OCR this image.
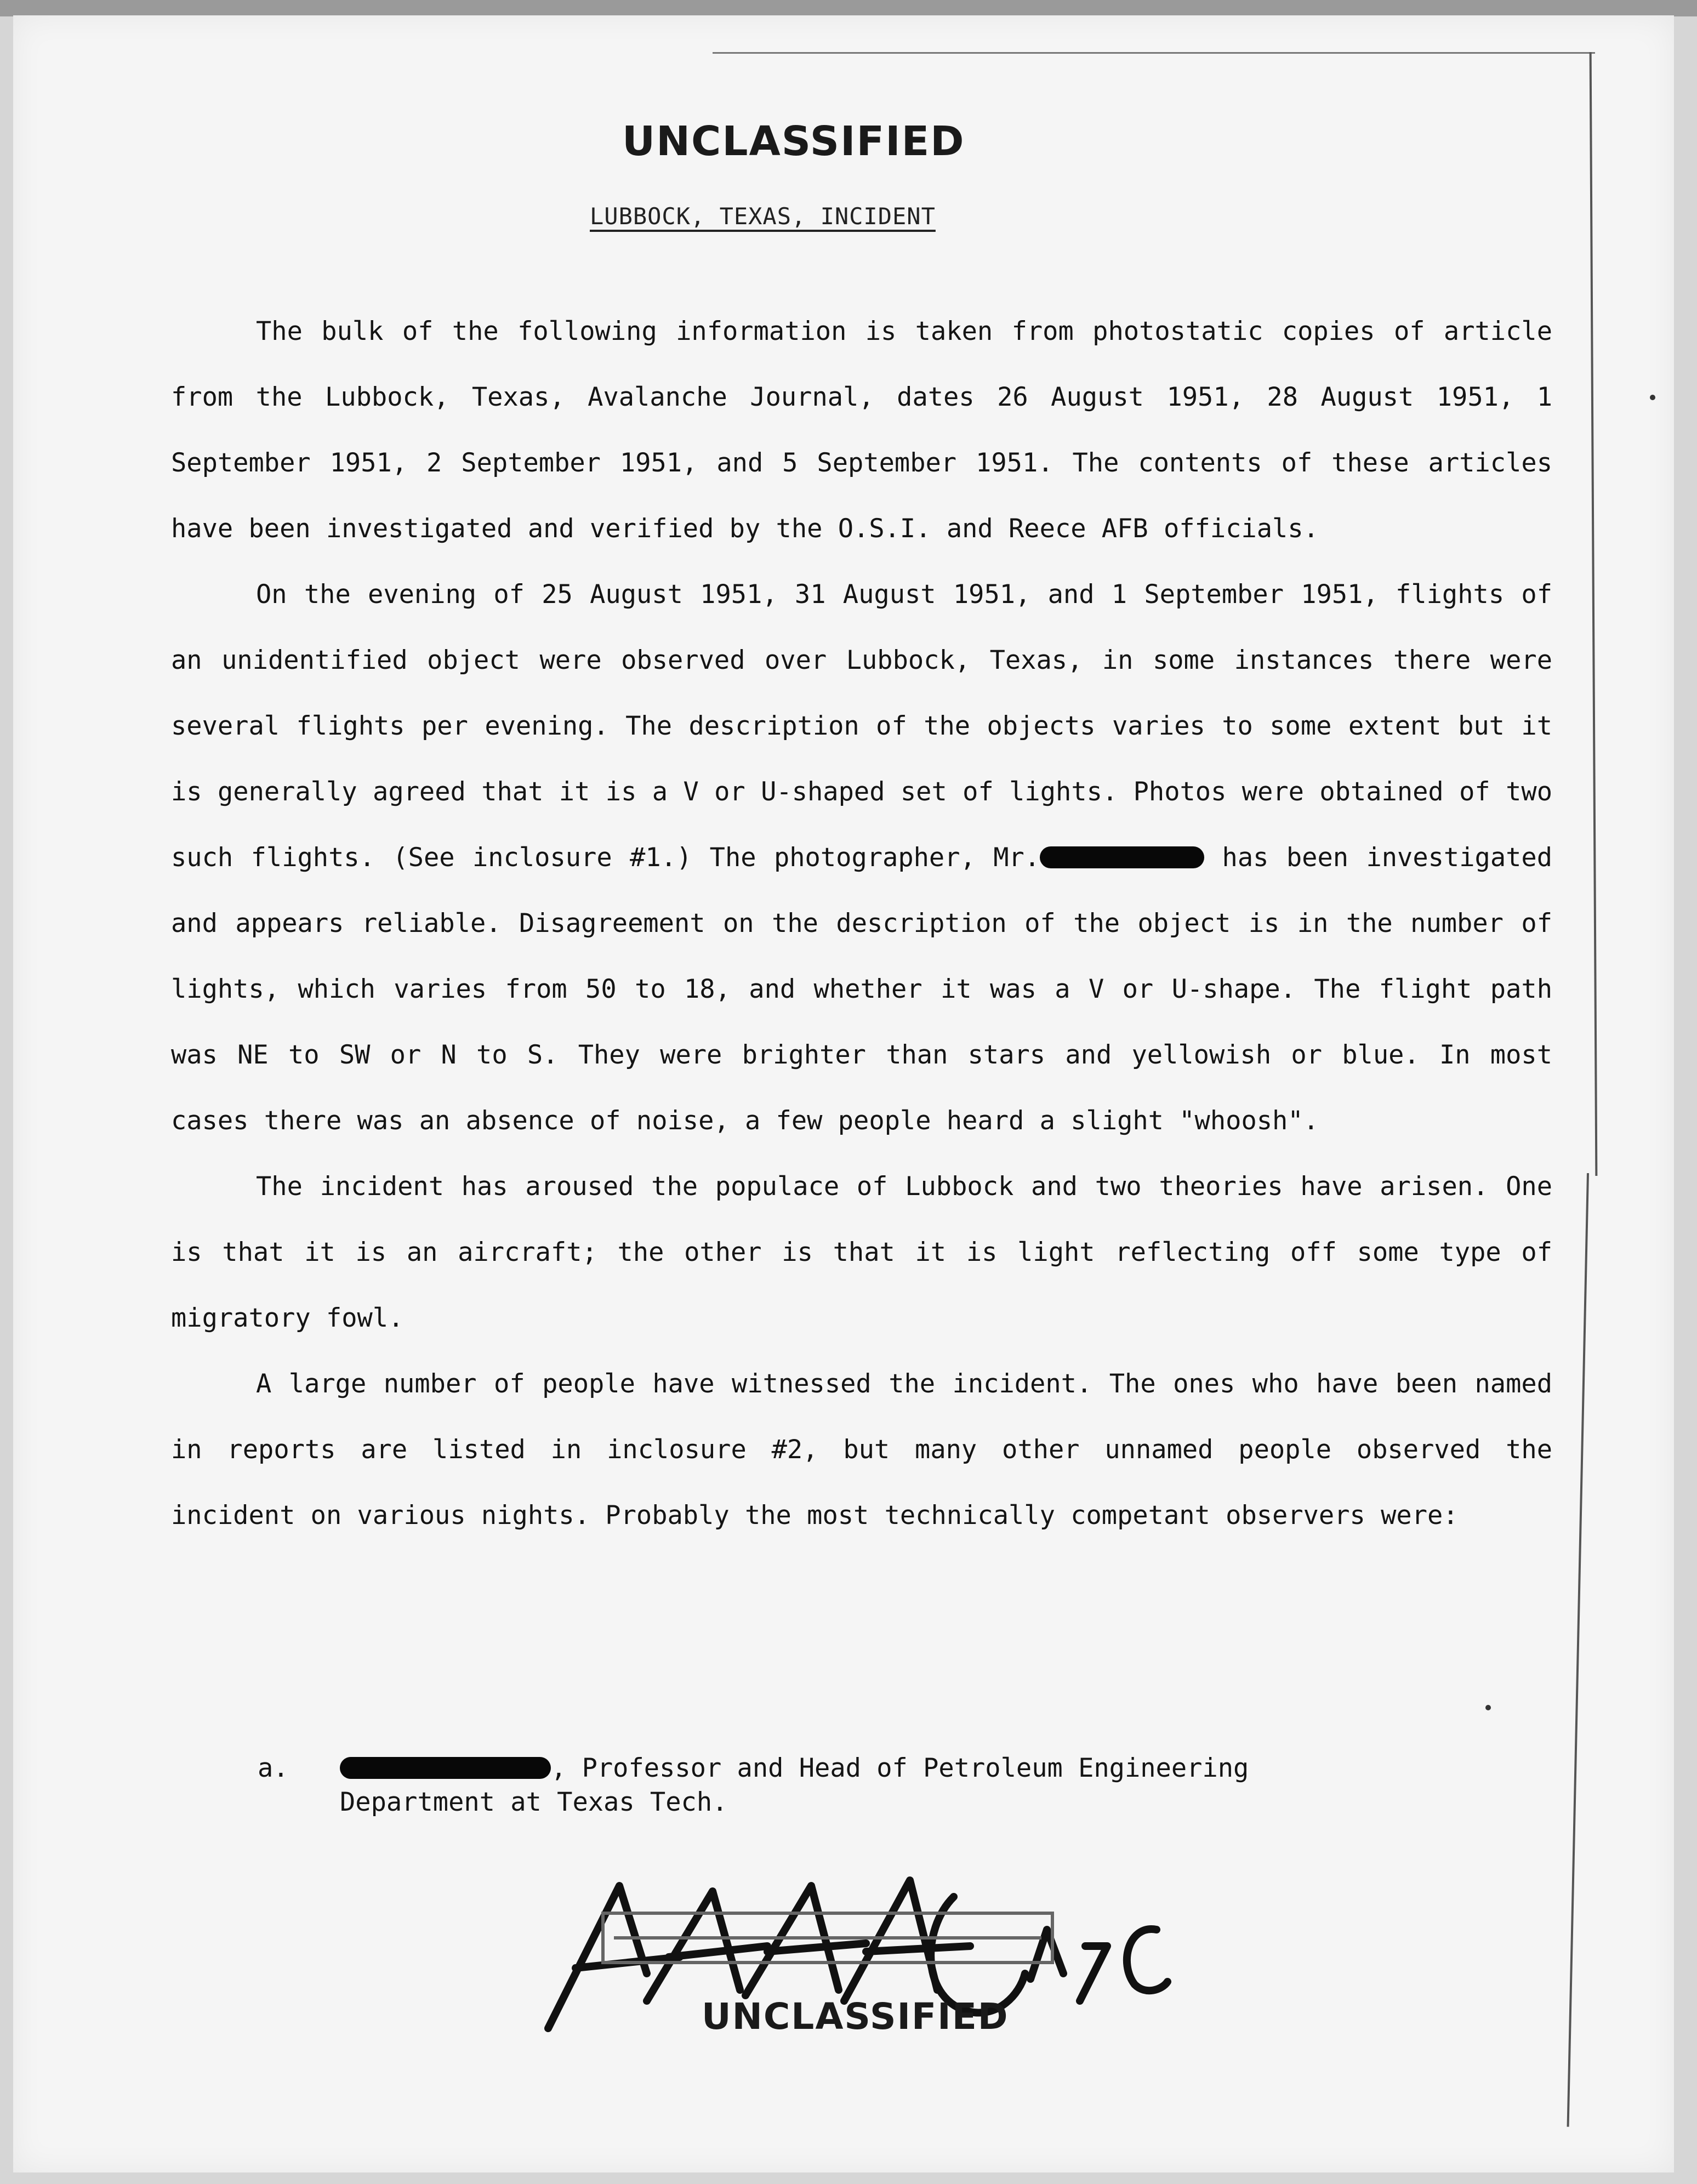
UNCLASSIFIED
LUBBOCK, TEXAS, INCIDENT

The bulk of the following information is taken from photostatic copies of article from the Lubbock, Texas, Avalanche Journal, dates 26 August 1951, 28 August 1951, 1 September 1951, 2 September 1951, and 5 September 1951. The contents of these articles have been investigated and verified by the O.S.I. and Reece AFB officials.

On the evening of 25 August 1951, 31 August 1951, and 1 September 1951, flights of an unidentified object were observed over Lubbock, Texas, in some instances there were several flights per evening. The description of the objects varies to some extent but it is generally agreed that it is a V or U-shaped set of lights. Photos were obtained of two such flights. (See inclosure #1.) The photographer, Mr.	has been investigated and appears reliable. Disagreement on the description of the object is in the number of lights, which varies from 50 to 18, and whether it was a V or U-shape. The flight path was NE to SW or N to S. They were brighter than stars and yellowish or blue. In most cases there was an absence of noise, a few people heard a slight "whoosh".

The incident has aroused the populace of Lubbock and two theories have arisen. One is that it is an aircraft; the other is that it is light reflecting off some type of migratory fowl.

A large number of people have witnessed the incident. The ones who have been named in reports are listed in inclosure #2, but many other unnamed people observed the incident on various nights. Probably the most technically competant observers were:

a.	, Professor and Head of Petroleum Engineering
Department at Texas Tech.
UNCLASSIFIED
